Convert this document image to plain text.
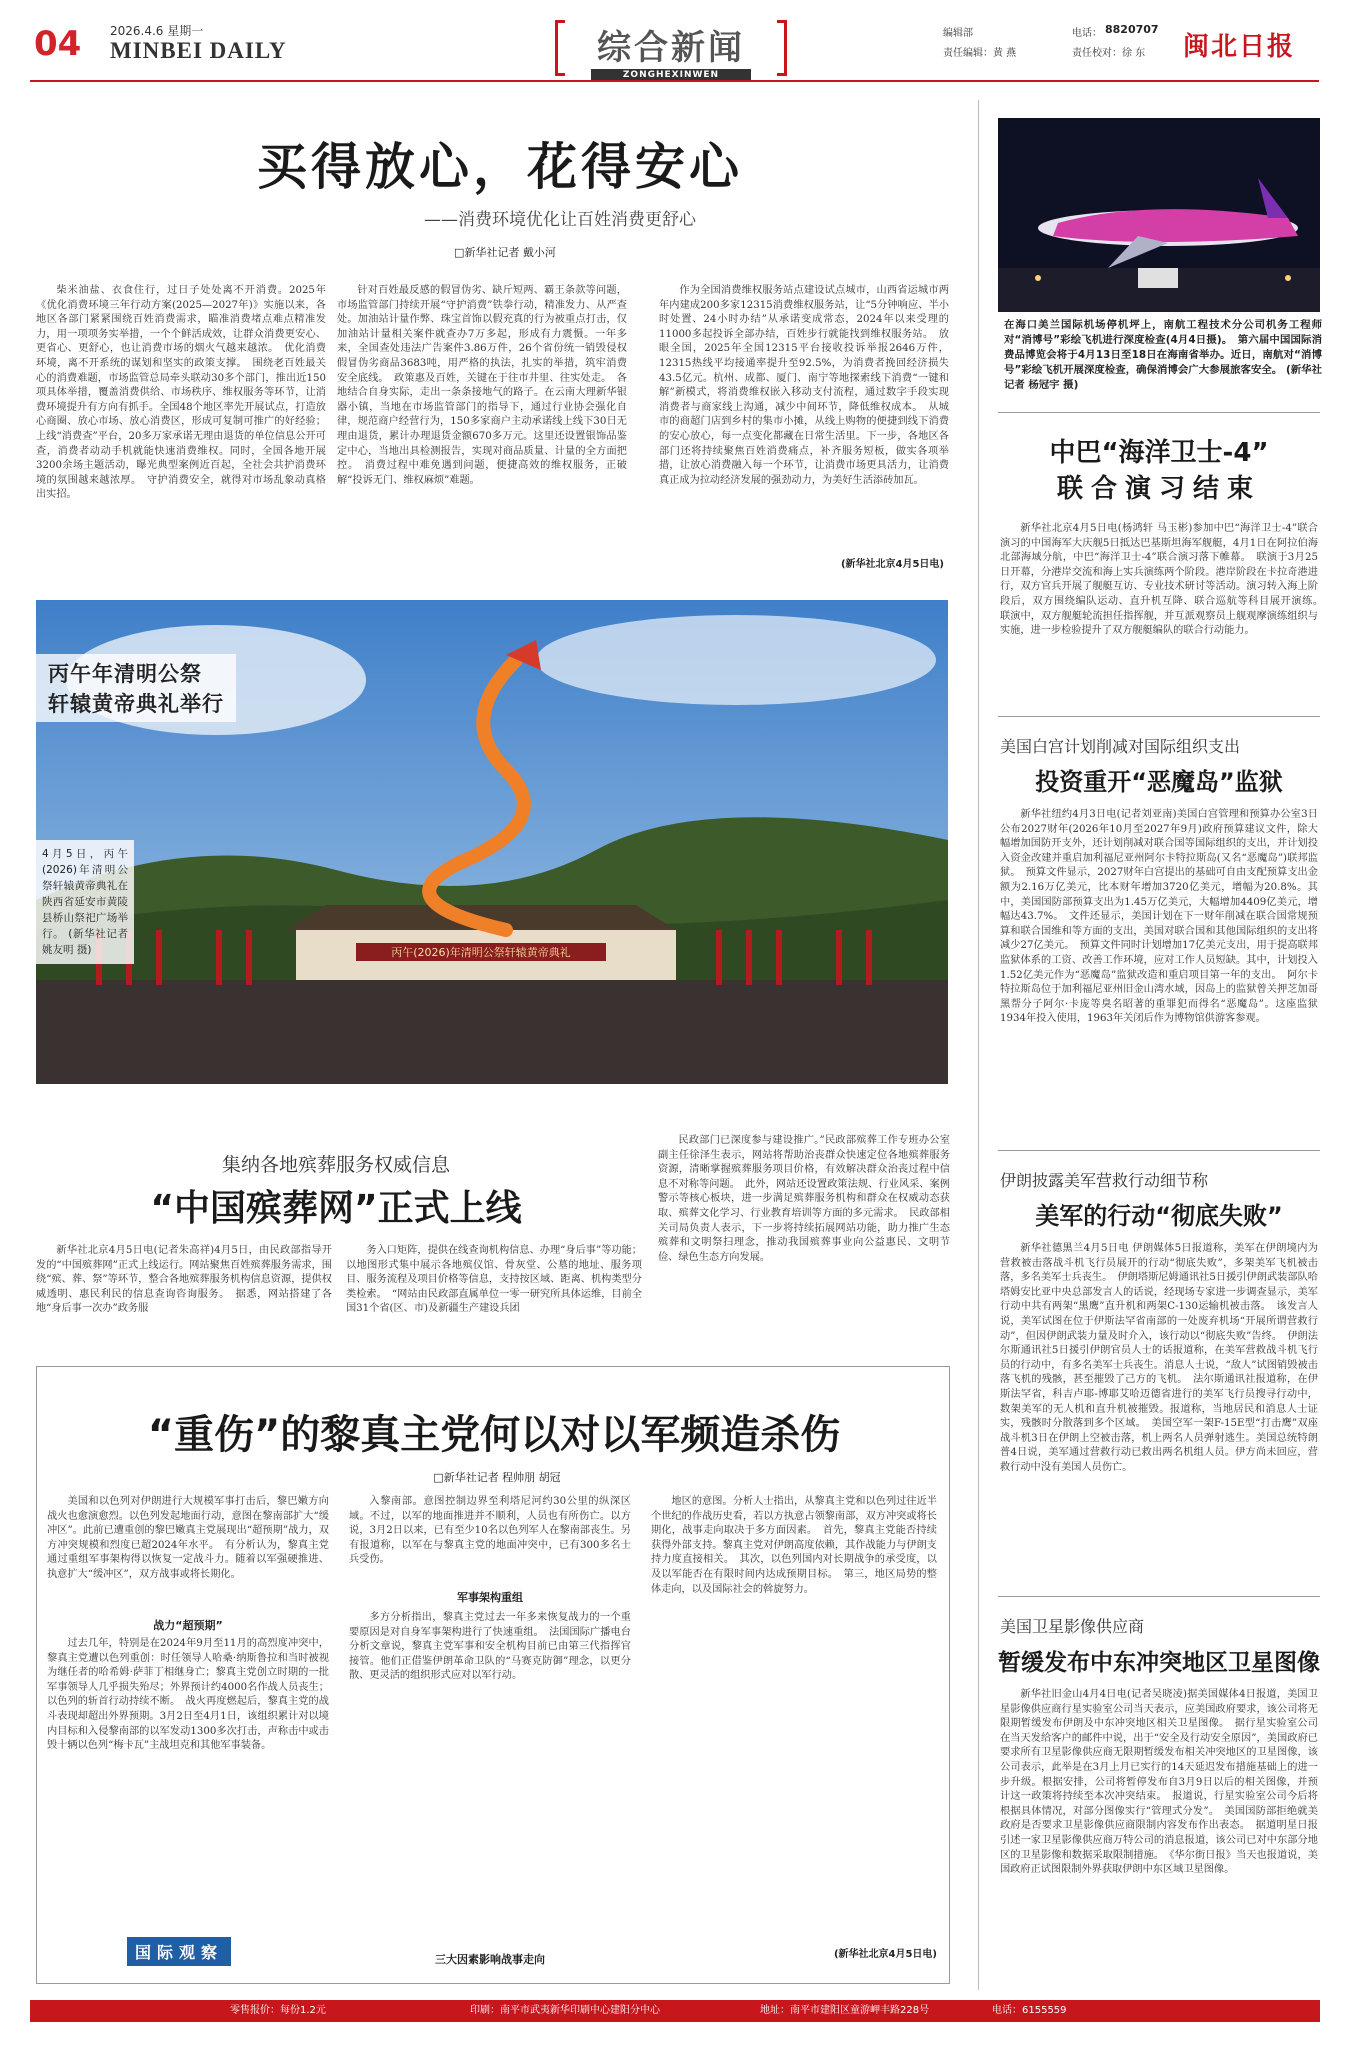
04 2026.4.6 星期一
MINBEI DAILY	综合新闻
ZONGHEXINWEN
编辑部	电话： 8820707
责任编辑：黄 燕	责任校对：徐 东 闽北日报
买得放心，花得安心
——消费环境优化让百姓消费更舒心
□新华社记者 戴小河
柴米油盐、衣食住行，过日子处处离不开消费。2025年《优化消费环境三年行动方案(2025—2027年)》实施以来，各地区各部门紧紧围绕百姓消费需求，瞄准消费堵点难点精准发力，用一项项务实举措，一个个鲜活成效，让群众消费更安心、更省心、更舒心，也让消费市场的烟火气越来越浓。　优化消费环境，离不开系统的谋划和坚实的政策支撑。　围绕老百姓最关心的消费难题，市场监管总局牵头联动30多个部门，推出近150项具体举措，覆盖消费供给、市场秩序、维权服务等环节，让消费环境提升有方向有抓手。全国48个地区率先开展试点，打造放心商圈、放心市场、放心消费区，形成可复制可推广的好经验；上线“消费查”平台，20多万家承诺无理由退货的单位信息公开可查，消费者动动手机就能快速消费维权。同时，全国各地开展3200余场主题活动，曝光典型案例近百起，全社会共护消费环境的氛围越来越浓厚。　守护消费安全，就得对市场乱象动真格出实招。
针对百姓最反感的假冒伪劣、缺斤短两、霸王条款等问题，市场监管部门持续开展“守护消费”铁拳行动，精准发力、从严查处。加油站计量作弊、珠宝首饰以假充真的行为被重点打击，仅加油站计量相关案件就查办7万多起，形成有力震慑。一年多来，全国查处违法广告案件3.86万件，26个省份统一销毁侵权假冒伪劣商品3683吨，用严格的执法，扎实的举措，筑牢消费安全底线。　政策惠及百姓，关键在于往市井里、往实处走。　各地结合自身实际，走出一条条接地气的路子。在云南大理新华银器小镇，当地在市场监管部门的指导下，通过行业协会强化自律，规范商户经营行为，150多家商户主动承诺线上线下30日无理由退货，累计办理退货金额670多万元。这里还设置银饰品鉴定中心，当地出具检测报告，实现对商品质量、计量的全方面把控。　消费过程中难免遇到问题，便捷高效的维权服务，正破解“投诉无门、维权麻烦”难题。
作为全国消费维权服务站点建设试点城市，山西省运城市两年内建成200多家12315消费维权服务站，让“5分钟响应、半小时处置、24小时办结”从承诺变成常态，2024年以来受理的11000多起投诉全部办结，百姓步行就能找到维权服务站。　放眼全国，2025年全国12315平台接收投诉举报2646万件，12315热线平均接通率提升至92.5%，为消费者挽回经济损失43.5亿元。杭州、成都、厦门、南宁等地探索线下消费“一键和解”新模式，将消费维权嵌入移动支付流程，通过数字手段实现消费者与商家线上沟通，减少中间环节，降低维权成本。　从城市的商超门店到乡村的集市小摊，从线上购物的便捷到线下消费的安心放心，每一点变化都藏在日常生活里。下一步，各地区各部门还将持续聚焦百姓消费痛点，补齐服务短板，做实各项举措，让放心消费融入每一个环节，让消费市场更具活力，让消费真正成为拉动经济发展的强劲动力，为美好生活添砖加瓦。
(新华社北京4月5日电)
丙午(2026)年清明公祭轩辕黄帝典礼
丙午年清明公祭
轩辕黄帝典礼举行
4月5日，丙午(2026)年清明公祭轩辕黄帝典礼在陕西省延安市黄陵县桥山祭祀广场举行。 (新华社记者 姚友明 摄)
集纳各地殡葬服务权威信息
“中国殡葬网”正式上线
新华社北京4月5日电(记者朱高祥)4月5日，由民政部指导开发的“中国殡葬网”正式上线运行。网站聚焦百姓殡葬服务需求，围绕“殡、葬、祭”等环节，整合各地殡葬服务机构信息资源，提供权威透明、惠民利民的信息查询咨询服务。　据悉，网站搭建了各地“身后事一次办”政务服
务入口矩阵，提供在线查询机构信息、办理“身后事”等功能；以地图形式集中展示各地殡仪馆、骨灰堂、公墓的地址、服务项目、服务流程及项目价格等信息，支持按区域、距离、机构类型分类检索。　“网站由民政部直属单位一零一研究所具体运维，目前全国31个省(区、市)及新疆生产建设兵团
民政部门已深度参与建设推广。”民政部殡葬工作专班办公室副主任徐泽生表示，网站将帮助治丧群众快速定位各地殡葬服务资源，清晰掌握殡葬服务项目价格，有效解决群众治丧过程中信息不对称等问题。　此外，网站还设置政策法规、行业风采、案例警示等核心板块，进一步满足殡葬服务机构和群众在权威动态获取、殡葬文化学习、行业教育培训等方面的多元需求。　民政部相关司局负责人表示，下一步将持续拓展网站功能，助力推广生态殡葬和文明祭扫理念，推动我国殡葬事业向公益惠民、文明节俭、绿色生态方向发展。
“重伤”的黎真主党何以对以军频造杀伤
□新华社记者 程帅朋 胡冠
美国和以色列对伊朗进行大规模军事打击后，黎巴嫩方向战火也愈演愈烈。以色列发起地面行动，意图在黎南部扩大“缓冲区”。此前已遭重创的黎巴嫩真主党展现出“超预期”战力，双方冲突规模和烈度已超2024年水平。　有分析认为，黎真主党通过重组军事架构得以恢复一定战斗力。随着以军强硬推进、执意扩大“缓冲区”，双方战事或将长期化。
战力“超预期”
过去几年，特别是在2024年9月至11月的高烈度冲突中，黎真主党遭以色列重创：时任领导人哈桑·纳斯鲁拉和当时被视为继任者的哈希姆·萨菲丁相继身亡；黎真主党创立时期的一批军事领导人几乎损失殆尽；外界预计约4000名作战人员丧生；以色列的斩首行动持续不断。　战火再度燃起后，黎真主党的战斗表现却超出外界预期。3月2日至4月1日，该组织累计对以境内目标和入侵黎南部的以军发动1300多次打击，声称击中或击毁十辆以色列“梅卡瓦”主战坦克和其他军事装备。
入黎南部。意图控制边界至利塔尼河约30公里的纵深区域。不过，以军的地面推进并不顺利，人员也有所伤亡。以方说，3月2日以来，已有至少10名以色列军人在黎南部丧生。另有报道称，以军在与黎真主党的地面冲突中，已有300多名士兵受伤。
军事架构重组
多方分析指出，黎真主党过去一年多来恢复战力的一个重要原因是对自身军事架构进行了快速重组。　法国国际广播电台分析文章说，黎真主党军事和安全机构目前已由第三代指挥官接管。他们正借鉴伊朗革命卫队的“马赛克防御”理念，以更分散、更灵活的组织形式应对以军行动。
三大因素影响战事走向
地区的意图。分析人士指出，从黎真主党和以色列过往近半个世纪的作战历史看，若以方执意占领黎南部，双方冲突或将长期化，战事走向取决于多方面因素。　首先，黎真主党能否持续获得外部支持。黎真主党对伊朗高度依赖，其作战能力与伊朗支持力度直接相关。　其次，以色列国内对长期战争的承受度，以及以军能否在有限时间内达成预期目标。　第三，地区局势的整体走向，以及国际社会的斡旋努力。
(新华社北京4月5日电)
国际观察
在海口美兰国际机场停机坪上，南航工程技术分公司机务工程师对“消博号”彩绘飞机进行深度检查(4月4日摄)。　第六届中国国际消费品博览会将于4月13日至18日在海南省举办。近日，南航对“消博号”彩绘飞机开展深度检查，确保消博会广大参展旅客安全。 (新华社记者 杨冠宇 摄)
中巴“海洋卫士-4”
联合演习结束
新华社北京4月5日电(杨鸿轩 马玉彬)参加中巴“海洋卫士-4”联合演习的中国海军大庆舰5日抵达巴基斯坦海军舰艇，4月1日在阿拉伯海北部海域分航，中巴“海洋卫士-4”联合演习落下帷幕。　联演于3月25日开幕，分港岸交流和海上实兵演练两个阶段。港岸阶段在卡拉奇港进行，双方官兵开展了舰艇互访、专业技术研讨等活动。演习转入海上阶段后，双方围绕编队运动、直升机互降、联合巡航等科目展开演练。　联演中，双方舰艇轮流担任指挥舰，并互派观察员上舰观摩演练组织与实施，进一步检验提升了双方舰艇编队的联合行动能力。
美国白宫计划削减对国际组织支出
投资重开“恶魔岛”监狱
新华社纽约4月3日电(记者刘亚南)美国白宫管理和预算办公室3日公布2027财年(2026年10月至2027年9月)政府预算建议文件，除大幅增加国防开支外，还计划削减对联合国等国际组织的支出，并计划投入资金改建并重启加利福尼亚州阿尔卡特拉斯岛(又名“恶魔岛”)联邦监狱。　预算文件显示，2027财年白宫提出的基础可自由支配预算支出金额为2.16万亿美元，比本财年增加3720亿美元，增幅为20.8%。其中，美国国防部预算支出为1.45万亿美元，大幅增加4409亿美元，增幅达43.7%。　文件还显示，美国计划在下一财年削减在联合国常规预算和联合国维和等方面的支出，美国对联合国和其他国际组织的支出将减少27亿美元。　预算文件同时计划增加17亿美元支出，用于提高联邦监狱体系的工资、改善工作环境，应对工作人员短缺。其中，计划投入1.52亿美元作为“恶魔岛”监狱改造和重启项目第一年的支出。　阿尔卡特拉斯岛位于加利福尼亚州旧金山湾水域，因岛上的监狱曾关押芝加哥黑帮分子阿尔·卡庞等臭名昭著的重罪犯而得名“恶魔岛”。这座监狱1934年投入使用，1963年关闭后作为博物馆供游客参观。
伊朗披露美军营救行动细节称
美军的行动“彻底失败”
新华社德黑兰4月5日电 伊朗媒体5日报道称，美军在伊朗境内为营救被击落战斗机飞行员展开的行动“彻底失败”，多架美军飞机被击落，多名美军士兵丧生。　伊朗塔斯尼姆通讯社5日援引伊朗武装部队哈塔姆安比亚中央总部发言人的话说，经现场专家进一步调查显示，美军行动中共有两架“黑鹰”直升机和两架C-130运输机被击落。　该发言人说，美军试图在位于伊斯法罕省南部的一处废弃机场“开展所谓营救行动”，但因伊朗武装力量及时介入，该行动以“彻底失败”告终。　伊朗法尔斯通讯社5日援引伊朗官员人士的话报道称，在美军营救战斗机飞行员的行动中，有多名美军士兵丧生。消息人士说，“敌人”试图销毁被击落飞机的残骸，甚至摧毁了己方的飞机。　法尔斯通讯社报道称，在伊斯法罕省，科吉卢耶-博耶艾哈迈德省进行的美军飞行员搜寻行动中，数架美军的无人机和直升机被摧毁。报道称，当地居民和消息人士证实，残骸时分散落到多个区域。　美国空军一架F-15E型“打击鹰”双座战斗机3日在伊朗上空被击落，机上两名人员弹射逃生。美国总统特朗普4日说，美军通过营救行动已救出两名机组人员。伊方尚未回应，营救行动中没有美国人员伤亡。
美国卫星影像供应商
暂缓发布中东冲突地区卫星图像
新华社旧金山4月4日电(记者吴晓凌)据美国媒体4日报道，美国卫星影像供应商行星实验室公司当天表示，应美国政府要求，该公司将无限期暂缓发布伊朗及中东冲突地区相关卫星图像。　据行星实验室公司在当天发给客户的邮件中说，出于“安全及行动安全原因”，美国政府已要求所有卫星影像供应商无限期暂缓发布相关冲突地区的卫星图像，该公司表示，此举是在3月上月已实行的14天延迟发布措施基础上的进一步升级。根据安排，公司将暂停发布自3月9日以后的相关图像，并预计这一政策将持续至本次冲突结束。　报道说，行星实验室公司今后将根据具体情况，对部分图像实行“管理式分发”。　美国国防部拒绝就美政府是否要求卫星影像供应商限制内容发布作出表态。　据道明星日报引述一家卫星影像供应商万特公司的消息报道，该公司已对中东部分地区的卫星影像和数据采取限制措施。　《华尔街日报》当天也报道说，美国政府正试图限制外界获取伊朗中东区域卫星图像。
零售报价：每份1.2元	印刷：南平市武夷新华印刷中心建阳分中心	地址：南平市建阳区童游岬丰路228号	电话：6155559
